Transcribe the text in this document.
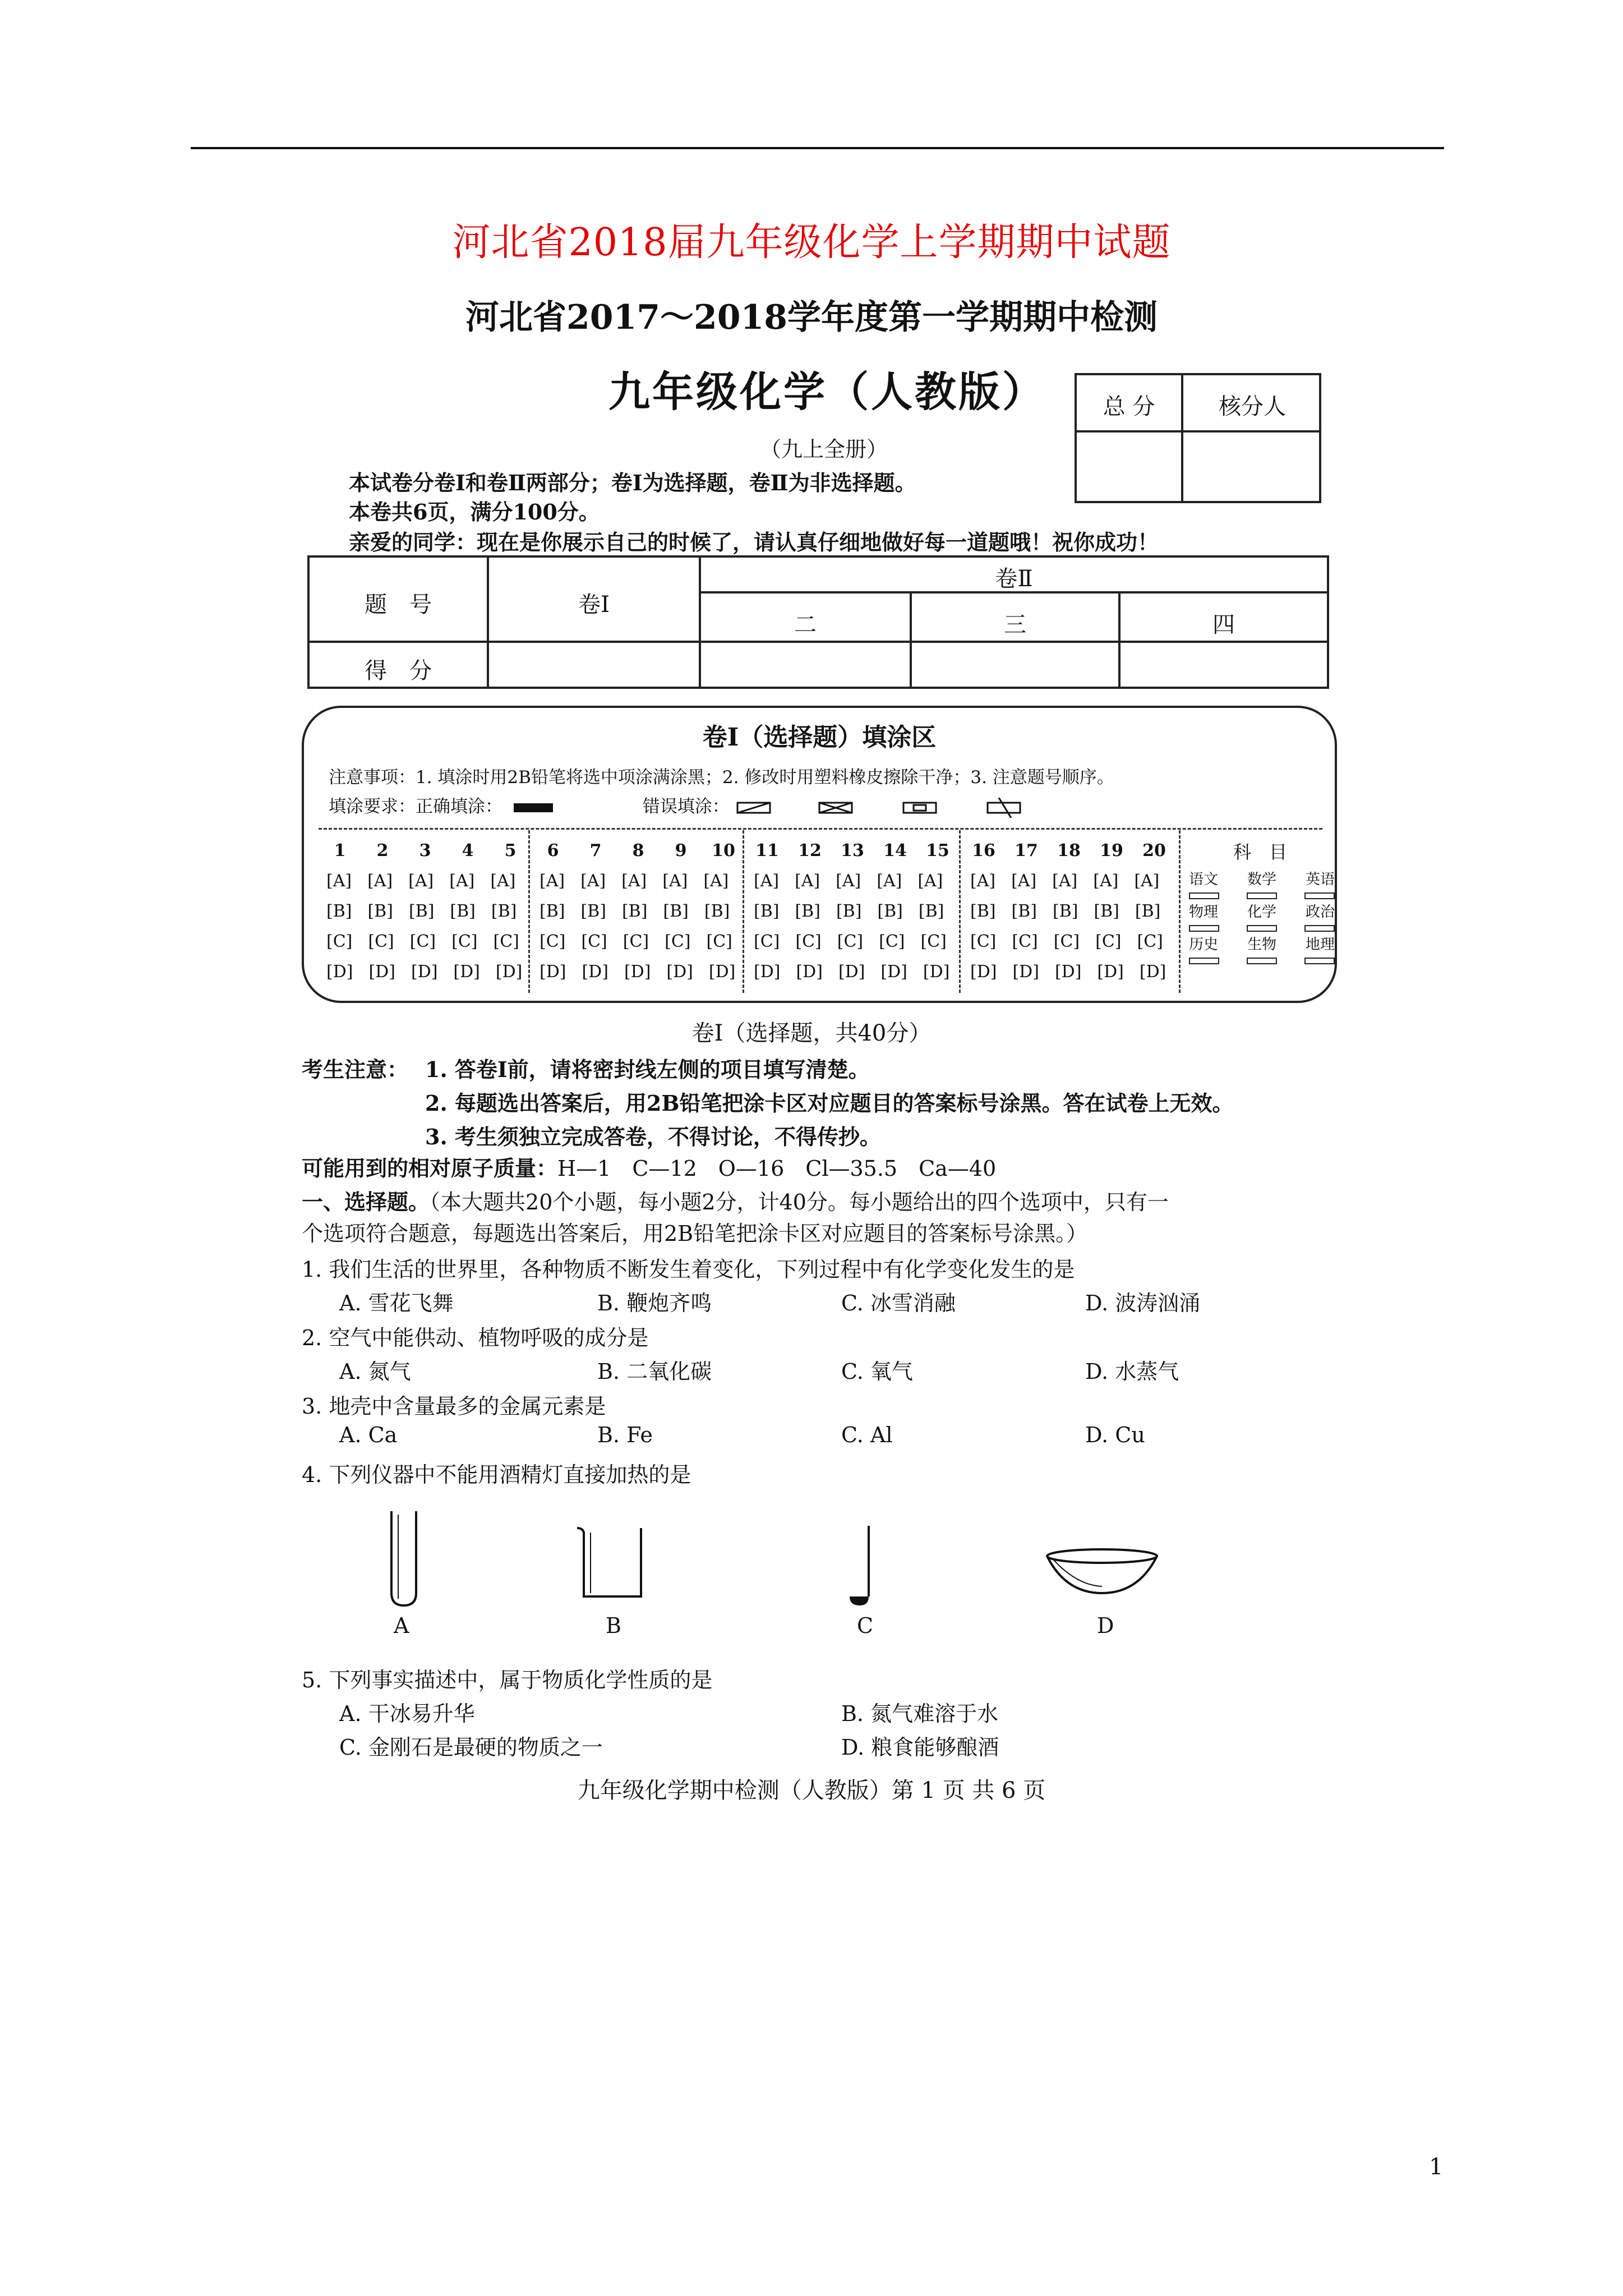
河北省2018届九年级化学上学期期中试题
河北省2017～2018学年度第一学期期中检测
九年级化学（人教版）	总 分	核分人
（九上全册）
本试卷分卷Ⅰ和卷Ⅱ两部分；卷Ⅰ为选择题，卷Ⅱ为非选择题。
本卷共6页，满分100分。
亲爱的同学：现在是你展示自己的时候了，请认真仔细地做好每一道题哦！祝你成功！
题　号	卷Ⅰ
卷Ⅱ
二	三	四
得　分
卷Ⅰ（选择题）填涂区
注意事项：1. 填涂时用2B铅笔将选中项涂满涂黑；2. 修改时用塑料橡皮擦除干净；3. 注意题号顺序。
填涂要求：正确填涂：	错误填涂：
1	2	3	4	5
[A] [A] [A] [A] [A]
[B] [B] [B] [B] [B]
[C] [C] [C] [C] [C]
[D] [D] [D] [D] [D]
6	7	8	9	10
[A] [A] [A] [A] [A]
[B] [B] [B] [B] [B]
[C] [C] [C] [C] [C]
[D] [D] [D] [D] [D]
11 12 13 14 15
[A] [A] [A] [A] [A]
[B] [B] [B] [B] [B]
[C] [C] [C] [C] [C]
[D] [D] [D] [D] [D]
16 17 18 19 20
[A] [A] [A] [A] [A]
[B] [B] [B] [B] [B]
[C] [C] [C] [C] [C]
[D] [D] [D] [D] [D]
科　目
语文 数学 英语
物理 化学 政治
历史 生物 地理
卷Ⅰ（选择题，共40分）
考生注意： 1. 答卷Ⅰ前，请将密封线左侧的项目填写清楚。
2. 每题选出答案后，用2B铅笔把涂卡区对应题目的答案标号涂黑。答在试卷上无效。
3. 考生须独立完成答卷，不得讨论，不得传抄。
可能用到的相对原子质量：H—1　C—12　O—16　Cl—35.5　Ca—40
一、选择题。（本大题共20个小题，每小题2分，计40分。每小题给出的四个选项中，只有一
个选项符合题意，每题选出答案后，用2B铅笔把涂卡区对应题目的答案标号涂黑。）
1. 我们生活的世界里，各种物质不断发生着变化，下列过程中有化学变化发生的是
A. 雪花飞舞	B. 鞭炮齐鸣	C. 冰雪消融	D. 波涛汹涌
2. 空气中能供动、植物呼吸的成分是
A. 氮气	B. 二氧化碳	C. 氧气	D. 水蒸气
3. 地壳中含量最多的金属元素是
A. Ca	B. Fe	C. Al	D. Cu
4. 下列仪器中不能用酒精灯直接加热的是
A	B	C	D
5. 下列事实描述中，属于物质化学性质的是
A. 干冰易升华	B. 氮气难溶于水
C. 金刚石是最硬的物质之一	D. 粮食能够酿酒
九年级化学期中检测（人教版）第 1 页 共 6 页
1
